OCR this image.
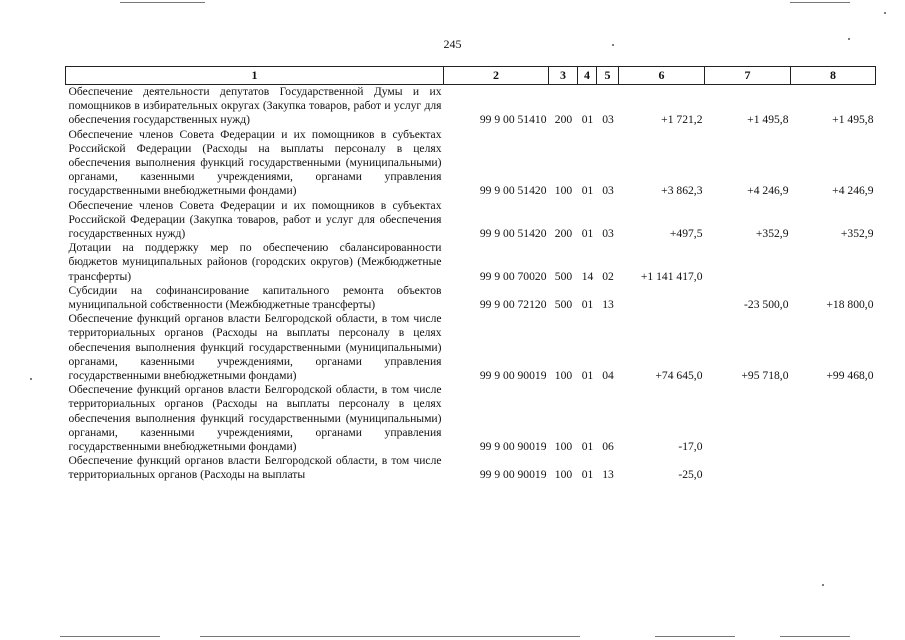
245
1	2	3	4	5	6	7	8
Обеспечение деятельности депутатов Государственной Думы и их помощников в избирательных округах (Закупка товаров, работ и услуг для обеспечения государственных нужд)	99 9 00 51410	200	01	03	+1 721,2	+1 495,8	+1 495,8
Обеспечение членов Совета Федерации и их помощников в субъектах Российской Федерации (Расходы на выплаты персоналу в целях обеспечения выполнения функций государственными (муниципальными) органами, казенными учреждениями, органами управления государственными внебюджетными фондами)	99 9 00 51420	100	01	03	+3 862,3	+4 246,9	+4 246,9
Обеспечение членов Совета Федерации и их помощников в субъектах Российской Федерации (Закупка товаров, работ и услуг для обеспечения государственных нужд)	99 9 00 51420	200	01	03	+497,5	+352,9	+352,9
Дотации на поддержку мер по обеспечению сбалансированности бюджетов муниципальных районов (городских округов) (Межбюджетные трансферты)	99 9 00 70020	500	14	02	+1 141 417,0		
Субсидии на софинансирование капитального ремонта объектов муниципальной собственности (Межбюджетные трансферты)	99 9 00 72120	500	01	13		-23 500,0	+18 800,0
Обеспечение функций органов власти Белгородской области, в том числе территориальных органов (Расходы на выплаты персоналу в целях обеспечения выполнения функций государственными (муниципальными) органами, казенными учреждениями, органами управления государственными внебюджетными фондами)	99 9 00 90019	100	01	04	+74 645,0	+95 718,0	+99 468,0
Обеспечение функций органов власти Белгородской области, в том числе территориальных органов (Расходы на выплаты персоналу в целях обеспечения выполнения функций государственными (муниципальными) органами, казенными учреждениями, органами управления государственными внебюджетными фондами)	99 9 00 90019	100	01	06	-17,0		
Обеспечение функций органов власти Белгородской области, в том числе территориальных органов (Расходы на выплаты	99 9 00 90019	100	01	13	-25,0		
